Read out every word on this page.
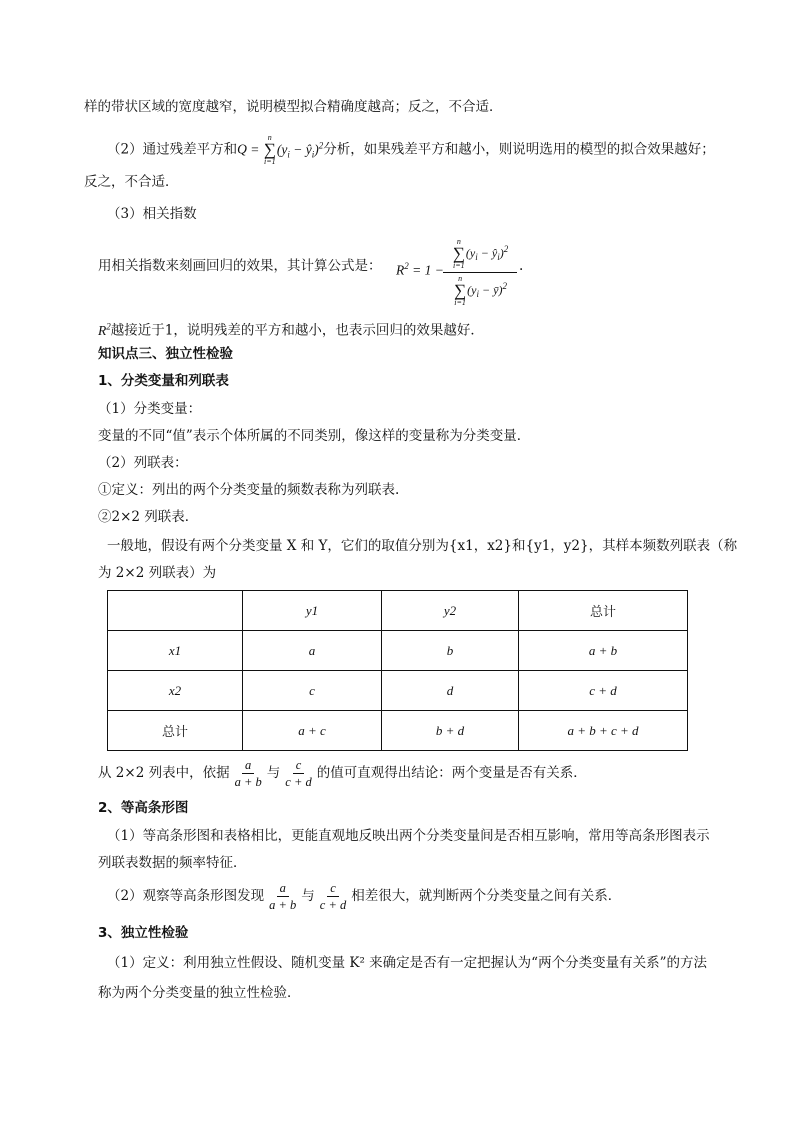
样的带状区域的宽度越窄，说明模型拟合精确度越高；反之，不合适．
（2）通过残差平方和Q =
n
∑
i=1
($y_i$ − $ŷ_i)^2$分析，如果残差平方和越小，则说明选用的模型的拟合效果越好；
反之，不合适．
（3）相关指数
用相关指数来刻画回归的效果，其计算公式是： $R^2 = 1$ −
n
∑
i=1
($y_i$ − $ŷ_i)^2$
n
∑
i=1
($y_i$ − ȳ)$^2$
.
$R^2$越接近于1，说明残差的平方和越小，也表示回归的效果越好．
知识点三、独立性检验
1、分类变量和列联表
（1）分类变量：
变量的不同“值”表示个体所属的不同类别，像这样的变量称为分类变量．
（2）列联表：
①定义：列出的两个分类变量的频数表称为列联表.
②2×2 列联表．
一般地，假设有两个分类变量 X 和 Y，它们的取值分别为{x1，x2}和{y1，y2}，其样本频数列联表（称
为 2×2 列联表）为
	y1	y2	总计
x1	a	b	a + b
x2	c	d	c + d
总计	a + c	b + d	a + b + c + d
从 2×2 列表中，依据 $\frac{a}{a + b}$ 与 $\frac{c}{c + d}$ 的值可直观得出结论：两个变量是否有关系．
2、等高条形图
（1）等高条形图和表格相比，更能直观地反映出两个分类变量间是否相互影响，常用等高条形图表示
列联表数据的频率特征．
（2）观察等高条形图发现 $\frac{a}{a + b}$ 与 $\frac{c}{c + d}$ 相差很大，就判断两个分类变量之间有关系．
3、独立性检验
（1）定义：利用独立性假设、随机变量 K² 来确定是否有一定把握认为“两个分类变量有关系”的方法
称为两个分类变量的独立性检验．
